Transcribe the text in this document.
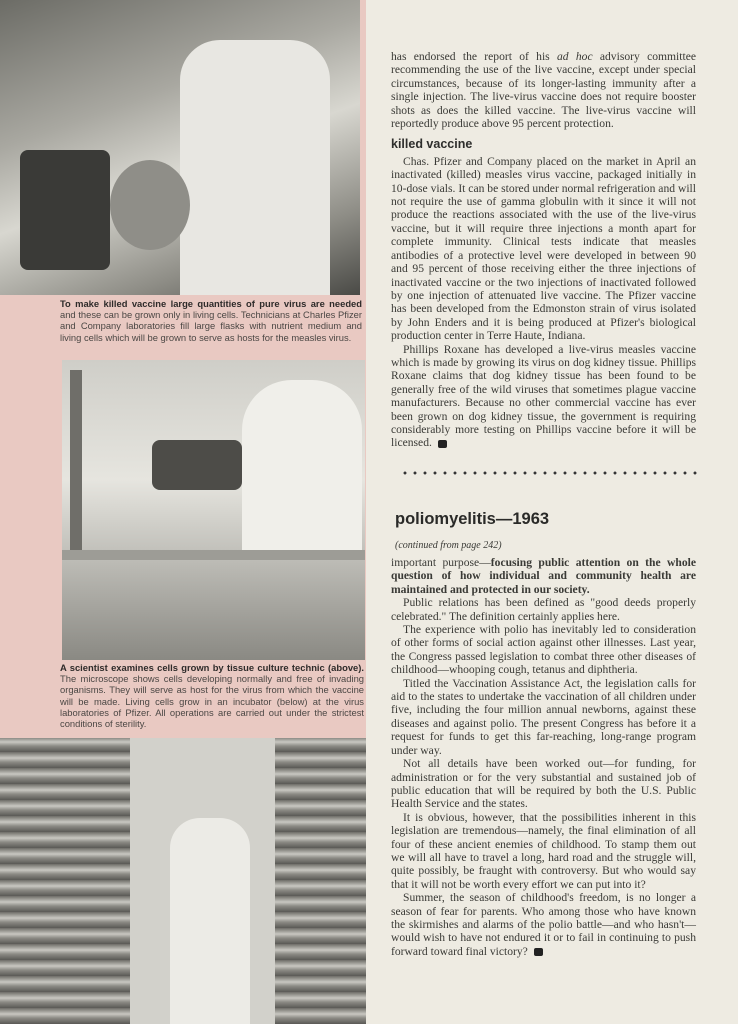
To make killed vaccine large quantities of pure virus are needed and these can be grown only in living cells. Technicians at Charles Pfizer and Company laboratories fill large flasks with nutrient medium and living cells which will be grown to serve as hosts for the measles virus.
A scientist examines cells grown by tissue culture technic (above). The microscope shows cells developing normally and free of invading organisms. They will serve as host for the virus from which the vaccine will be made. Living cells grow in an incubator (below) at the virus laboratories of Pfizer. All operations are carried out under the strictest conditions of sterility.

has endorsed the report of his ad hoc advisory committee recommending the use of the live vaccine, except under special circumstances, because of its longer-lasting immunity after a single injection. The live-virus vaccine does not require booster shots as does the killed vaccine. The live-virus vaccine will reportedly produce above 95 percent protection.

killed vaccine

Chas. Pfizer and Company placed on the market in April an inactivated (killed) measles virus vaccine, packaged initially in 10-dose vials. It can be stored under normal refrigeration and will not require the use of gamma globulin with it since it will not produce the reactions associated with the use of the live-virus vaccine, but it will require three injections a month apart for complete immunity. Clinical tests indicate that measles antibodies of a protective level were developed in between 90 and 95 percent of those receiving either the three injections of inactivated vaccine or the two injections of inactivated followed by one injection of attenuated live vaccine. The Pfizer vaccine has been developed from the Edmonston strain of virus isolated by John Enders and it is being produced at Pfizer's biological production center in Terre Haute, Indiana.

Phillips Roxane has developed a live-virus measles vaccine which is made by growing its virus on dog kidney tissue. Phillips Roxane claims that dog kidney tissue has been found to be generally free of the wild viruses that sometimes plague vaccine manufacturers. Because no other commercial vaccine has ever been grown on dog kidney tissue, the government is requiring considerably more testing on Phillips vaccine before it will be licensed.

poliomyelitis—1963
(continued from page 242)

important purpose—focusing public attention on the whole question of how individual and community health are maintained and protected in our society.

Public relations has been defined as "good deeds properly celebrated." The definition certainly applies here.

The experience with polio has inevitably led to consideration of other forms of social action against other illnesses. Last year, the Congress passed legislation to combat three other diseases of childhood—whooping cough, tetanus and diphtheria.

Titled the Vaccination Assistance Act, the legislation calls for aid to the states to undertake the vaccination of all children under five, including the four million annual newborns, against these diseases and against polio. The present Congress has before it a request for funds to get this far-reaching, long-range program under way.

Not all details have been worked out—for funding, for administration or for the very substantial and sustained job of public education that will be required by both the U.S. Public Health Service and the states.

It is obvious, however, that the possibilities inherent in this legislation are tremendous—namely, the final elimination of all four of these ancient enemies of childhood. To stamp them out we will all have to travel a long, hard road and the struggle will, quite possibly, be fraught with controversy. But who would say that it will not be worth every effort we can put into it?

Summer, the season of childhood's freedom, is no longer a season of fear for parents. Who among those who have known the skirmishes and alarms of the polio battle—and who hasn't—would wish to have not endured it or to fail in continuing to push forward toward final victory?
